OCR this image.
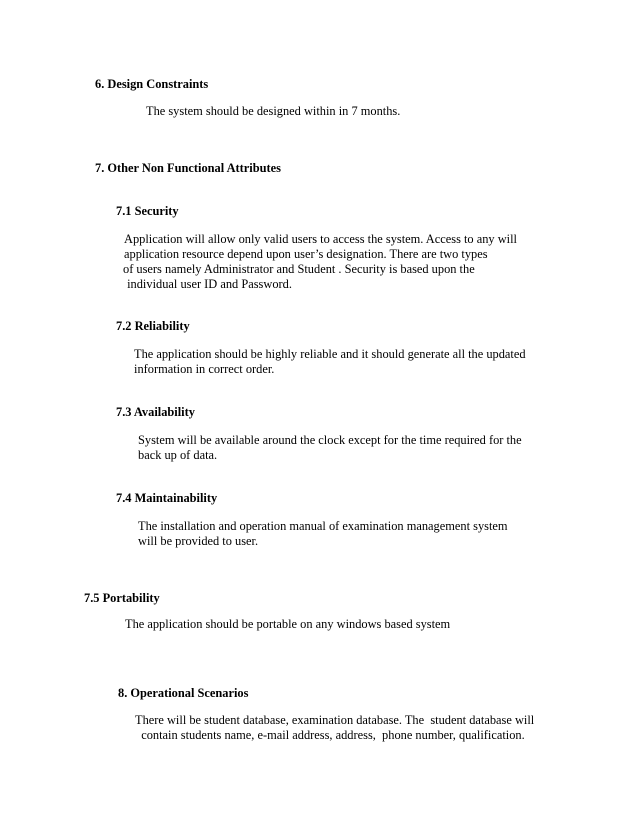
6. Design Constraints
The system should be designed within in 7 months.
7. Other Non Functional Attributes
7.1 Security
Application will allow only valid users to access the system. Access to any will
application resource depend upon user’s designation. There are two types
of users namely Administrator and Student . Security is based upon the
individual user ID and Password.
7.2 Reliability
The application should be highly reliable and it should generate all the updated
information in correct order.
7.3 Availability
System will be available around the clock except for the time required for the
back up of data.
7.4 Maintainability
The installation and operation manual of examination management system
will be provided to user.
7.5 Portability
The application should be portable on any windows based system
8. Operational Scenarios
There will be student database, examination database. The  student database will
contain students name, e-mail address, address,  phone number, qualification.
